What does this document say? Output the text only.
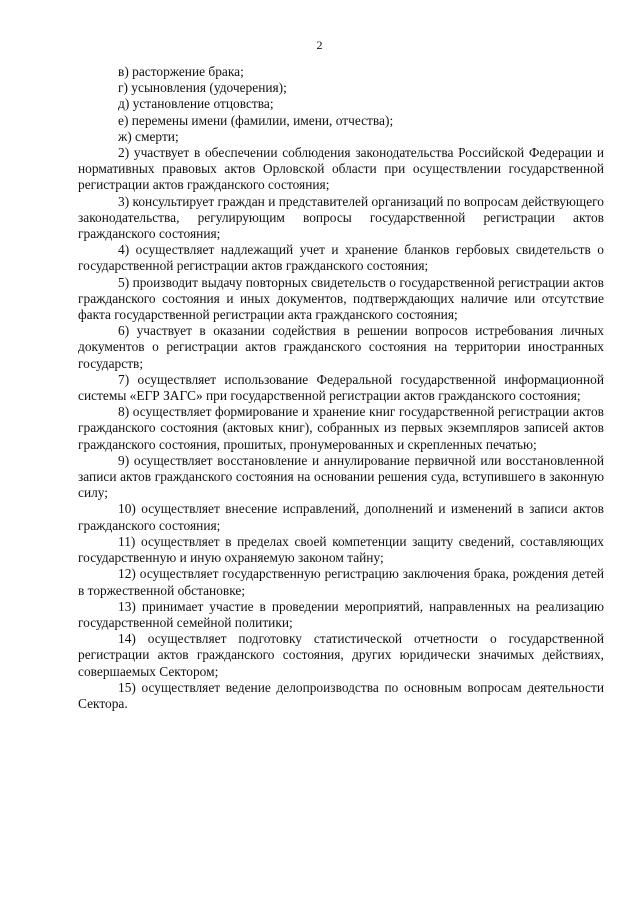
2

в) расторжение брака;

г) усыновления (удочерения);

д) установление отцовства;

е) перемены имени (фамилии, имени, отчества);

ж) смерти;

2) участвует в обеспечении соблюдения законодательства Российской Федерации и нормативных правовых актов Орловской области при осуществлении государственной регистрации актов гражданского состояния;

3) консультирует граждан и представителей организаций по вопросам действующего законодательства, регулирующим вопросы государственной регистрации актов гражданского состояния;

4) осуществляет надлежащий учет и хранение бланков гербовых свидетельств о государственной регистрации актов гражданского состояния;

5) производит выдачу повторных свидетельств о государственной регистрации актов гражданского состояния и иных документов, подтверждающих наличие или отсутствие факта государственной регистрации акта гражданского состояния;

6) участвует в оказании содействия в решении вопросов истребования личных документов о регистрации актов гражданского состояния на территории иностранных государств;

7) осуществляет использование Федеральной государственной информационной системы «ЕГР ЗАГС» при государственной регистрации актов гражданского состояния;

8) осуществляет формирование и хранение книг государственной регистрации актов гражданского состояния (актовых книг), собранных из первых экземпляров записей актов гражданского состояния, прошитых, пронумерованных и скрепленных печатью;

9) осуществляет восстановление и аннулирование первичной или восстановленной записи актов гражданского состояния на основании решения суда, вступившего в законную силу;

10) осуществляет внесение исправлений, дополнений и изменений в записи актов гражданского состояния;

11) осуществляет в пределах своей компетенции защиту сведений, составляющих государственную и иную охраняемую законом тайну;

12) осуществляет государственную регистрацию заключения брака, рождения детей в торжественной обстановке;

13) принимает участие в проведении мероприятий, направленных на реализацию государственной семейной политики;

14) осуществляет подготовку статистической отчетности о государственной регистрации актов гражданского состояния, других юридически значимых действиях, совершаемых Сектором;

15) осуществляет ведение делопроизводства по основным вопросам деятельности Сектора.
